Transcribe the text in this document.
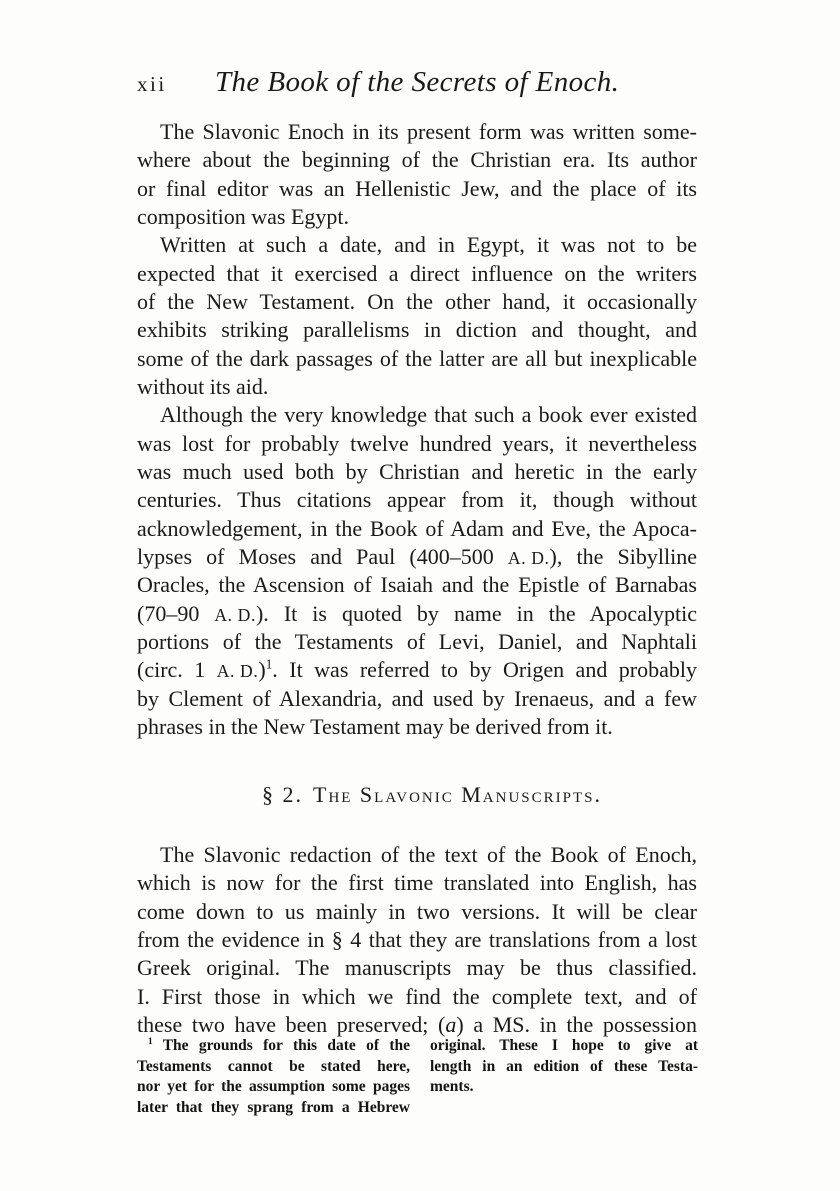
xii	The Book of the Secrets of Enoch.
The Slavonic Enoch in its present form was written some-
where about the beginning of the Christian era. Its author
or final editor was an Hellenistic Jew, and the place of its
composition was Egypt.
Written at such a date, and in Egypt, it was not to be
expected that it exercised a direct influence on the writers
of the New Testament. On the other hand, it occasionally
exhibits striking parallelisms in diction and thought, and
some of the dark passages of the latter are all but inexplicable
without its aid.
Although the very knowledge that such a book ever existed
was lost for probably twelve hundred years, it nevertheless
was much used both by Christian and heretic in the early
centuries. Thus citations appear from it, though without
acknowledgement, in the Book of Adam and Eve, the Apoca-
lypses of Moses and Paul (400–500 A. D.), the Sibylline
Oracles, the Ascension of Isaiah and the Epistle of Barnabas
(70–90 A. D.). It is quoted by name in the Apocalyptic
portions of the Testaments of Levi, Daniel, and Naphtali
(circ. 1 A. D.)$^1$. It was referred to by Origen and probably
by Clement of Alexandria, and used by Irenaeus, and a few
phrases in the New Testament may be derived from it.
§ 2. The Slavonic Manuscripts.
The Slavonic redaction of the text of the Book of Enoch,
which is now for the first time translated into English, has
come down to us mainly in two versions. It will be clear
from the evidence in § 4 that they are translations from a lost
Greek original. The manuscripts may be thus classified.
I. First those in which we find the complete text, and of
these two have been preserved; (a) a MS. in the possession
$^1$ The grounds for this date of the
Testaments cannot be stated here,
nor yet for the assumption some pages
later that they sprang from a Hebrew
original. These I hope to give at
length in an edition of these Testa-
ments.
